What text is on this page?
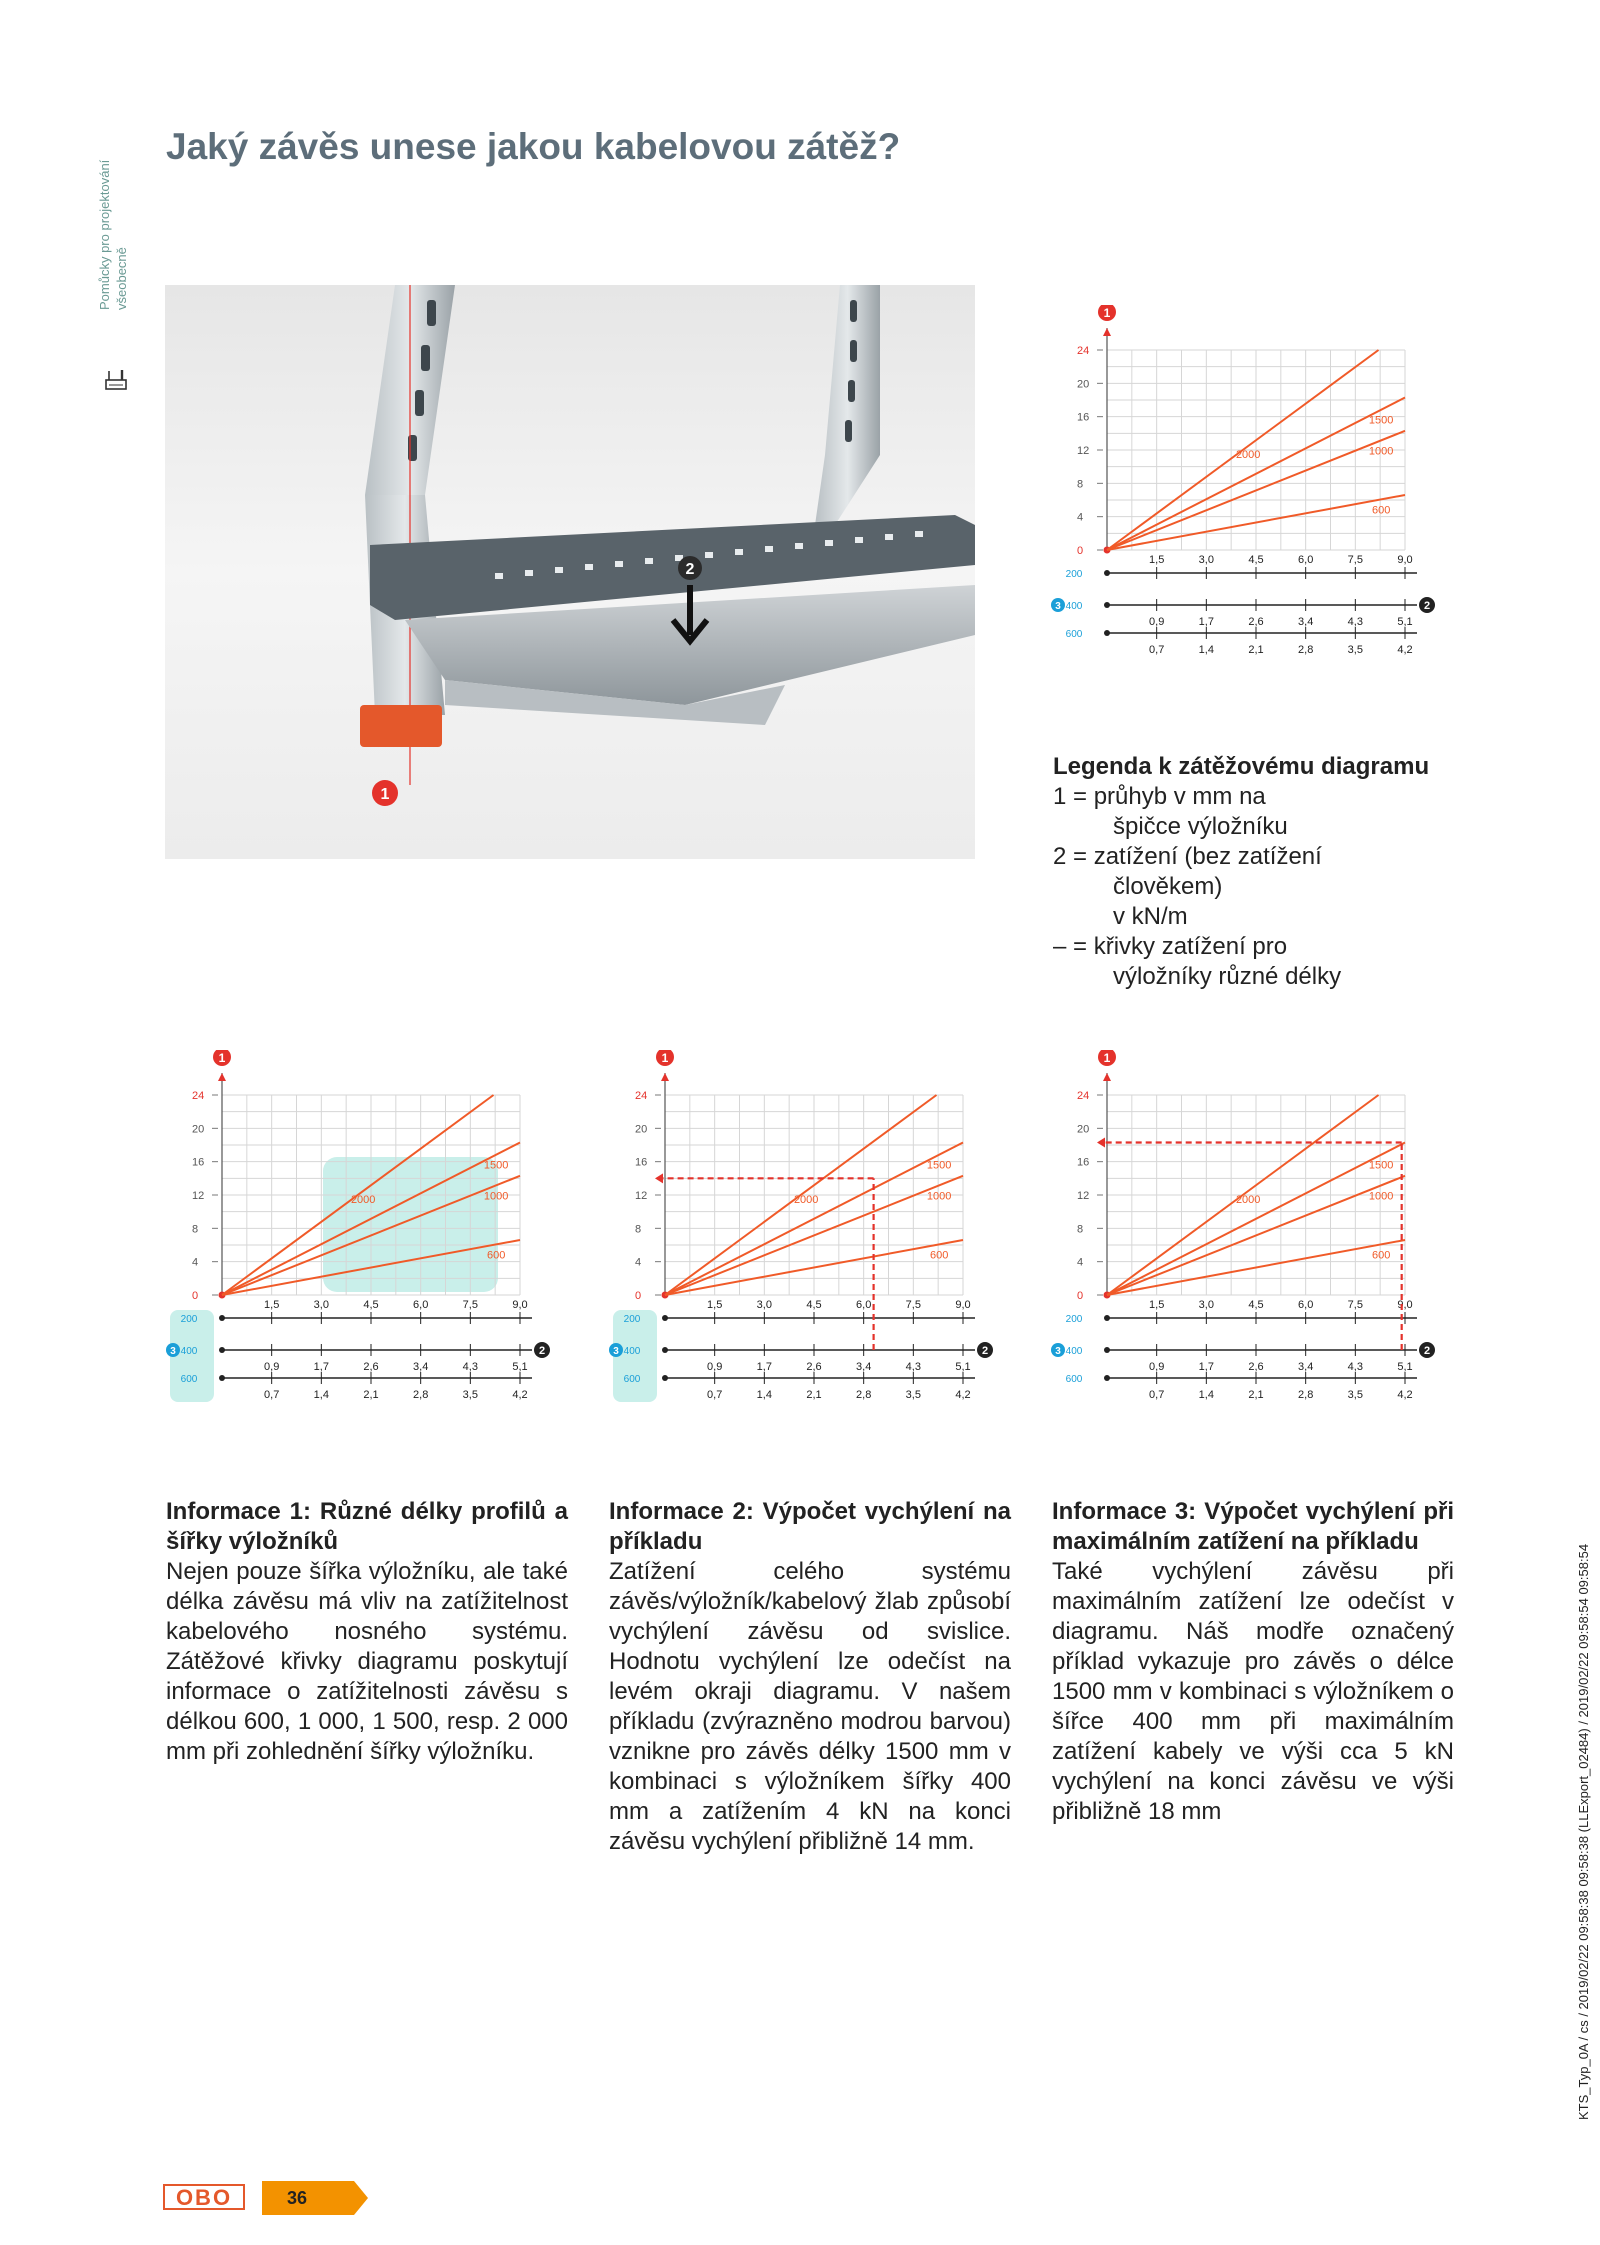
Pomůcky pro projektování všeobecně
Jaký závěs unese jakou kabelovou zátěž?
2
1
1
24
20
16
12
8
4
0
2000
1500
1000
600
200
400
600
3
1,5	3,0	4,5	6,0	7,5	9,0
0,9	1,7	2,6	3,4	4,3	5,1
0,7	1,4	2,1	2,8	3,5	4,2
2
Legenda k zátěžovému diagramu
1 = průhyb v mm na
špičce výložníku
2 = zatížení (bez zatížení
člověkem)
v kN/m
– = křivky zatížení pro
výložníky různé délky
1
24
20
16
12
8
4
0
2000
1500
1000
600
200
400
600
3
1,5	3,0	4,5	6,0	7,5	9,0
0,9	1,7	2,6	3,4	4,3	5,1
0,7	1,4	2,1	2,8	3,5	4,2
2
1
24
20
16
12
8
4
0
2000
1500
1000
600
200
400
600
3
1,5	3,0	4,5	6,0	7,5	9,0
0,9	1,7	2,6	3,4	4,3	5,1
0,7	1,4	2,1	2,8	3,5	4,2
2
1
24
20
16
12
8
4
0
2000
1500
1000
600
200
400
600
3
1,5	3,0	4,5	6,0	7,5	9,0
0,9	1,7	2,6	3,4	4,3	5,1
0,7	1,4	2,1	2,8	3,5	4,2
2
Informace 1: Různé délky profilů a šířky výložníků

Nejen pouze šířka výložníku, ale také délka závěsu má vliv na zatížitelnost kabelového nosného systému. Zátěžové křivky diagramu poskytují informace o zatížitelnosti závěsu s délkou 600, 1 000, 1 500, resp. 2 000 mm při zohlednění šířky výložníku.

Informace 2: Výpočet vychýlení na příkladu

Zatížení celého systému závěs/výložník/kabelový žlab způsobí vychýlení závěsu od svislice. Hodnotu vychýlení lze odečíst na levém okraji diagramu. V našem příkladu (zvýrazněno modrou barvou) vznikne pro závěs délky 1500 mm v kombinaci s výložníkem šířky 400 mm a zatížením 4 kN na konci závěsu vychýlení přibližně 14 mm.

Informace 3: Výpočet vychýlení při maximálním zatížení na příkladu

Také vychýlení závěsu při maximálním zatížení lze odečíst v diagramu. Náš modře označený příklad vykazuje pro závěs o délce 1500 mm v kombinaci s výložníkem o šířce 400 mm při maximálním zatížení kabely ve výši cca 5 kN vychýlení na konci závěsu ve výši přibližně 18 mm	KTS_Typ_0A / cs / 2019/02/22 09:58:38 09:58:38 (LLExport_02484) / 2019/02/22 09:58:54 09:58:54
OBO	36
